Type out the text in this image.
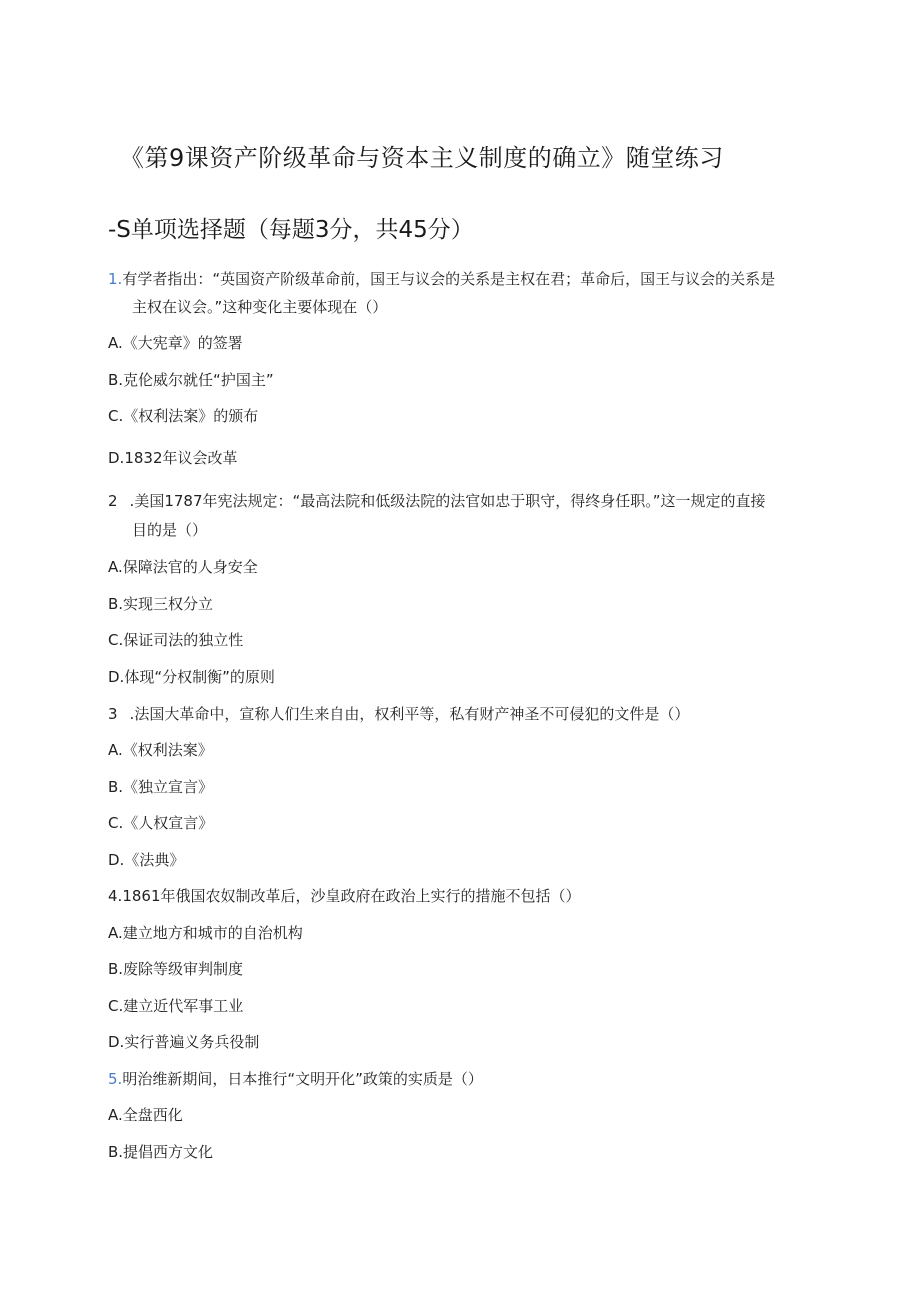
《第9课资产阶级革命与资本主义制度的确立》随堂练习
-S单项选择题（每题3分，共45分）
1.有学者指出：“英国资产阶级革命前，国王与议会的关系是主权在君；革命后，国王与议会的关系是
主权在议会。”这种变化主要体现在（）
A.《大宪章》的签署
B.克伦威尔就任“护国主”
C.《权利法案》的颁布
D.1832年议会改革
2 .美国1787年宪法规定：“最高法院和低级法院的法官如忠于职守，得终身任职。”这一规定的直接
目的是（）
A.保障法官的人身安全
B.实现三权分立
C.保证司法的独立性
D.体现“分权制衡”的原则
3 .法国大革命中，宣称人们生来自由，权利平等，私有财产神圣不可侵犯的文件是（）
A.《权利法案》
B.《独立宣言》
C.《人权宣言》
D.《法典》
4.1861年俄国农奴制改革后，沙皇政府在政治上实行的措施不包括（）
A.建立地方和城市的自治机构
B.废除等级审判制度
C.建立近代军事工业
D.实行普遍义务兵役制
5.明治维新期间，日本推行“文明开化”政策的实质是（）
A.全盘西化
B.提倡西方文化
